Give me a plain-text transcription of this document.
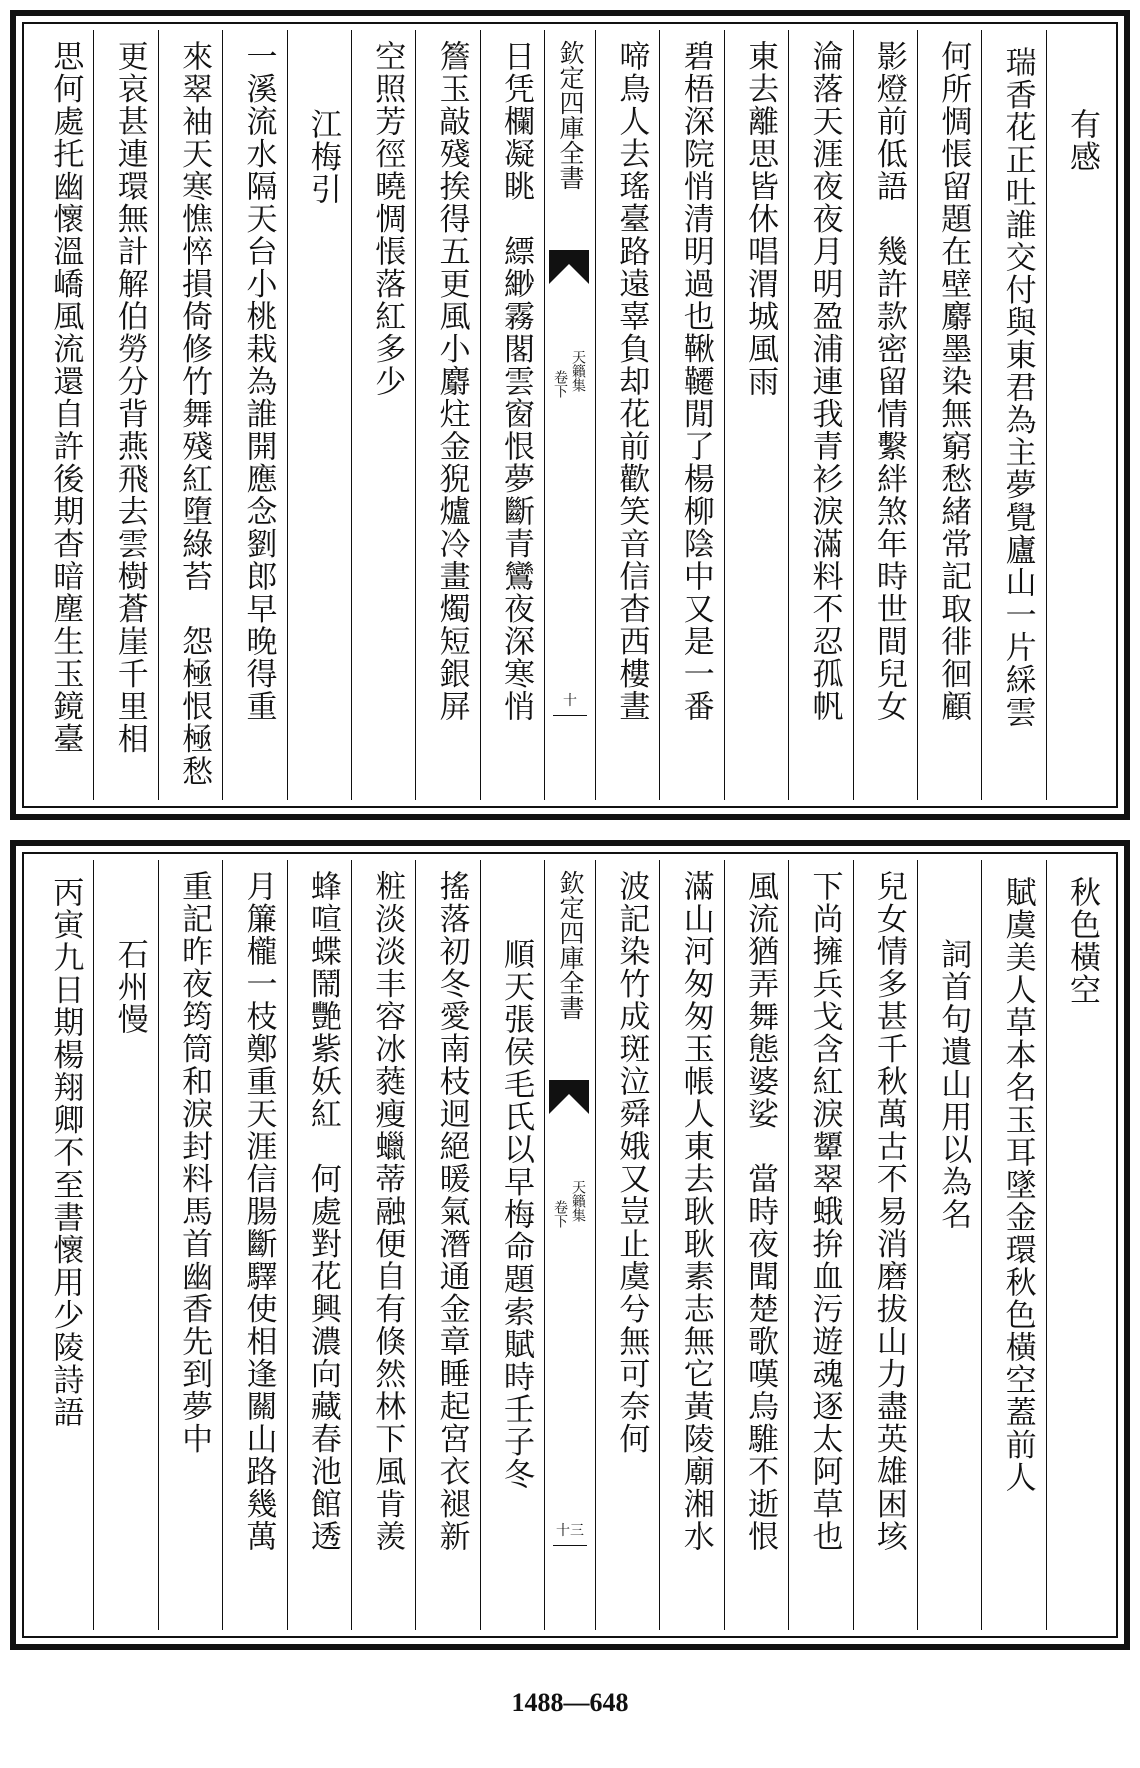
有感
瑞香花正吐誰交付與東君為主夢覺廬山一片綵雲
何所惆悵留題在壁麝墨染無窮愁緒常記取徘徊顧
影燈前低語　幾許款密留情繫絆煞年時世間兒女
淪落天涯夜夜月明盈浦連我青衫淚滿料不忍孤帆
東去離思皆休唱渭城風雨
碧梧深院悄清明過也鞦韆閒了楊柳陰中又是一番
啼鳥人去瑤臺路遠辜負却花前歡笑音信杳西樓晝
欽定四庫全書
天籟集
卷下
十
日凭欄凝眺　縹緲霧閣雲窗恨夢斷青鸞夜深寒悄
簷玉敲殘挨得五更風小麝炷金猊爐冷畫燭短銀屏
空照芳徑曉惆悵落紅多少
江梅引
一溪流水隔天台小桃栽為誰開應念劉郎早晚得重
來翠袖天寒憔悴損倚修竹舞殘紅墮綠苔　怨極恨極愁
更哀甚連環無計解伯勞分背燕飛去雲樹蒼崖千里相
思何處托幽懷溫嶠風流還自許後期杳暗塵生玉鏡臺
秋色橫空
賦虞美人草本名玉耳墜金環秋色橫空蓋前人
詞首句遺山用以為名
兒女情多甚千秋萬古不易消磨拔山力盡英雄困垓
下尚擁兵戈含紅淚顰翠蛾拚血污遊魂逐太阿草也
風流猶弄舞態婆娑　當時夜聞楚歌嘆烏騅不逝恨
滿山河匆匆玉帳人東去耿耿素志無它黃陵廟湘水
波記染竹成斑泣舜娥又豈止虞兮無可奈何
欽定四庫全書
天籟集
卷下
十三
順天張侯毛氏以早梅命題索賦時壬子冬
搖落初冬愛南枝迥絕暖氣潛通金章睡起宮衣褪新
粧淡淡丰容冰蕤瘦蠟蒂融便自有倏然林下風肯羨
蜂喧蝶鬧艷紫妖紅　何處對花興濃向藏春池館透
月簾櫳一枝鄭重天涯信腸斷驛使相逢關山路幾萬
重記昨夜筠筒和淚封料馬首幽香先到夢中
石州慢
丙寅九日期楊翔卿不至書懷用少陵詩語
1488—648
